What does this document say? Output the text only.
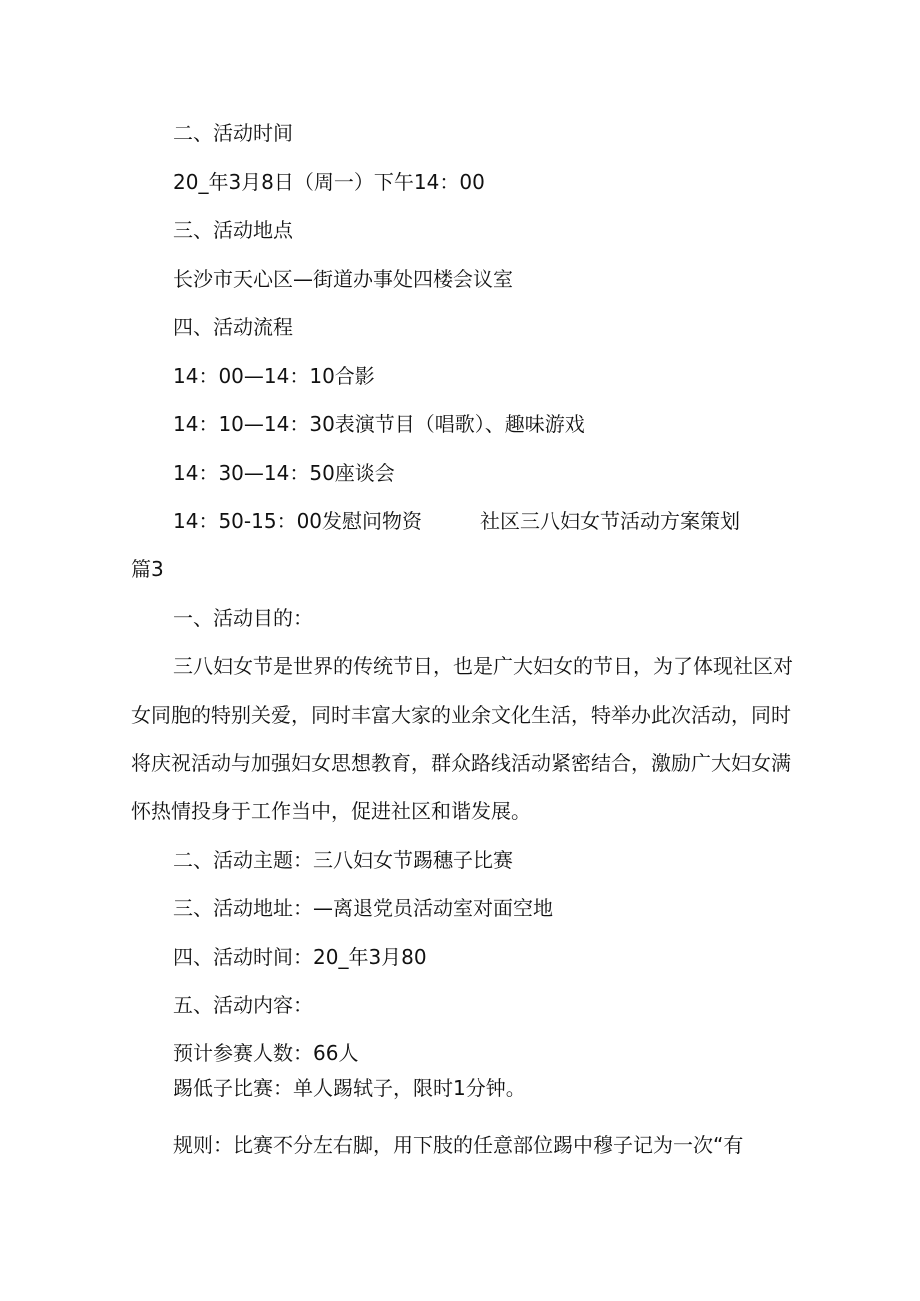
二、活动时间
20_年3月8日（周一）下午14：00
三、活动地点
长沙市天心区—街道办事处四楼会议室
四、活动流程
14：00—14：10合影
14：10—14：30表演节目（唱歌）、趣味游戏
14：30—14：50座谈会
14：50-15：00发慰问物资	社区三八妇女节活动方案策划
篇3
一、活动目的：
三八妇女节是世界的传统节日，也是广大妇女的节日，为了体现社区对
女同胞的特别关爱，同时丰富大家的业余文化生活，特举办此次活动，同时
将庆祝活动与加强妇女思想教育，群众路线活动紧密结合，激励广大妇女满
怀热情投身于工作当中，促进社区和谐发展。
二、活动主题：三八妇女节踢穗子比赛
三、活动地址：—离退党员活动室对面空地
四、活动时间：20_年3月80
五、活动内容：
预计参赛人数：66人
踢低子比赛：单人踢轼子，限时1分钟。
规则：比赛不分左右脚，用下肢的任意部位踢中穆子记为一次“有
